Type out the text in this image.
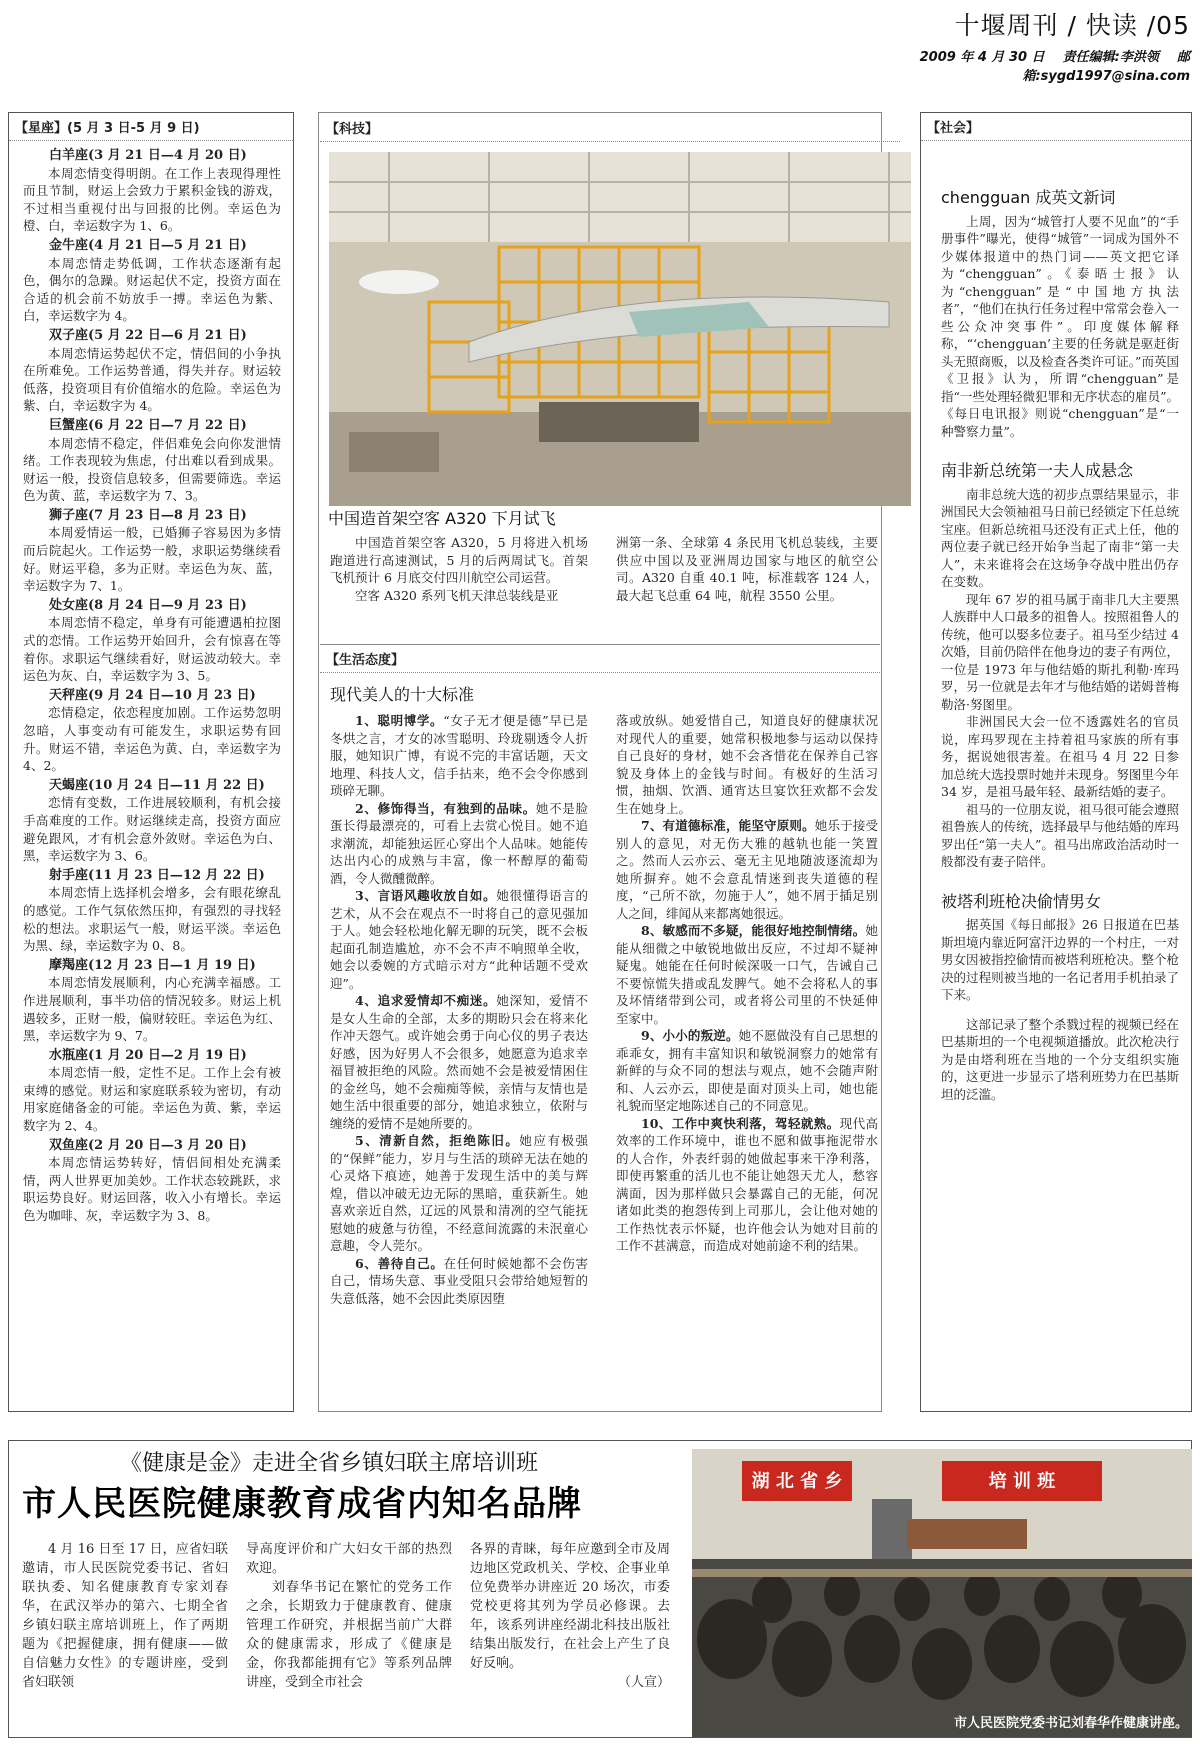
十堰周刊 / 快读 /05
2009 年 4 月 30 日 责任编辑:李洪领 邮箱:sygd1997@sina.com
【星座】(5 月 3 日-5 月 9 日)
白羊座(3 月 21 日—4 月 20 日)

本周恋情变得明朗。在工作上表现得理性而且节制，财运上会致力于累积金钱的游戏，不过相当重视付出与回报的比例。幸运色为橙、白，幸运数字为 1、6。

金牛座(4 月 21 日—5 月 21 日)

本周恋情走势低调，工作状态逐渐有起色，偶尔的急躁。财运起伏不定，投资方面在合适的机会前不妨放手一搏。幸运色为紫、白，幸运数字为 4。

双子座(5 月 22 日—6 月 21 日)

本周恋情运势起伏不定，情侣间的小争执在所难免。工作运势普通，得失并存。财运较低落，投资项目有价值缩水的危险。幸运色为紫、白，幸运数字为 4。

巨蟹座(6 月 22 日—7 月 22 日)

本周恋情不稳定，伴侣难免会向你发泄情绪。工作表现较为焦虑，付出难以看到成果。财运一般，投资信息较多，但需要筛选。幸运色为黄、蓝，幸运数字为 7、3。

狮子座(7 月 23 日—8 月 23 日)

本周爱情运一般，已婚狮子容易因为多情而后院起火。工作运势一般，求职运势继续看好。财运平稳，多为正财。幸运色为灰、蓝，幸运数字为 7、1。

处女座(8 月 24 日—9 月 23 日)

本周恋情不稳定，单身有可能遭遇柏拉图式的恋情。工作运势开始回升，会有惊喜在等着你。求职运气继续看好，财运波动较大。幸运色为灰、白，幸运数字为 3、5。

天秤座(9 月 24 日—10 月 23 日)

恋情稳定，依恋程度加剧。工作运势忽明忽暗，人事变动有可能发生，求职运势有回升。财运不错，幸运色为黄、白，幸运数字为 4、2。

天蝎座(10 月 24 日—11 月 22 日)

恋情有变数，工作进展较顺利，有机会接手高难度的工作。财运继续走高，投资方面应避免跟风，才有机会意外敛财。幸运色为白、黑，幸运数字为 3、6。

射手座(11 月 23 日—12 月 22 日)

本周恋情上选择机会增多，会有眼花缭乱的感觉。工作气氛依然压抑，有强烈的寻找轻松的想法。求职运气一般，财运平淡。幸运色为黑、绿，幸运数字为 0、8。

摩羯座(12 月 23 日—1 月 19 日)

本周恋情发展顺利，内心充满幸福感。工作进展顺利，事半功倍的情况较多。财运上机遇较多，正财一般，偏财较旺。幸运色为红、黑，幸运数字为 9、7。

水瓶座(1 月 20 日—2 月 19 日)

本周恋情一般，定性不足。工作上会有被束缚的感觉。财运和家庭联系较为密切，有动用家庭储备金的可能。幸运色为黄、紫，幸运数字为 2、4。

双鱼座(2 月 20 日—3 月 20 日)

本周恋情运势转好，情侣间相处充满柔情，两人世界更加美妙。工作状态较跳跃，求职运势良好。财运回落，收入小有增长。幸运色为咖啡、灰，幸运数字为 3、8。

【科技】
中国造首架空客 A320 下月试飞

中国造首架空客 A320，5 月将进入机场跑道进行高速测试，5 月的后两周试飞。首架飞机预计 6 月底交付四川航空公司运营。

空客 A320 系列飞机天津总装线是亚

洲第一条、全球第 4 条民用飞机总装线，主要供应中国以及亚洲周边国家与地区的航空公司。A320 自重 40.1 吨，标准载客 124 人，最大起飞总重 64 吨，航程 3550 公里。

【生活态度】
现代美人的十大标准

1、聪明博学。“女子无才便是德”早已是冬烘之言，才女的冰雪聪明、玲珑剔透令人折服，她知识广博，有说不完的丰富话题，天文地理、科技人文，信手拈来，绝不会令你感到琐碎无聊。

2、修饰得当，有独到的品味。她不是脸蛋长得最漂亮的，可看上去赏心悦目。她不追求潮流，却能独运匠心穿出个人品味。她能传达出内心的成熟与丰富，像一杯醇厚的葡萄酒，令人微醺微醉。

3、言语风趣收放自如。她很懂得语言的艺术，从不会在观点不一时将自己的意见强加于人。她会轻松地化解无聊的玩笑，既不会板起面孔制造尴尬，亦不会不声不响照单全收，她会以委婉的方式暗示对方“此种话题不受欢迎”。

4、追求爱情却不痴迷。她深知，爱情不是女人生命的全部，太多的期盼只会在将来化作冲天怨气。或许她会勇于向心仪的男子表达好感，因为好男人不会很多，她愿意为追求幸福冒被拒绝的风险。然而她不会是被爱情困住的金丝鸟，她不会痴痴等候，亲情与友情也是她生活中很重要的部分，她追求独立，依附与缠绕的爱情不是她所要的。

5、清新自然，拒绝陈旧。她应有极强的“保鲜”能力，岁月与生活的琐碎无法在她的心灵烙下痕迹，她善于发现生活中的美与辉煌，借以冲破无边无际的黑暗，重获新生。她喜欢亲近自然，辽远的风景和清冽的空气能抚慰她的疲惫与彷徨，不经意间流露的未泯童心意趣，令人莞尔。

6、善待自己。在任何时候她都不会伤害自己，情场失意、事业受阻只会带给她短暂的失意低落，她不会因此类原因堕

落或放纵。她爱惜自己，知道良好的健康状况对现代人的重要，她常积极地参与运动以保持自己良好的身材，她不会吝惜花在保养自己容貌及身体上的金钱与时间。有极好的生活习惯，抽烟、饮酒、通宵达旦宴饮狂欢都不会发生在她身上。

7、有道德标准，能坚守原则。她乐于接受别人的意见，对无伤大雅的越轨也能一笑置之。然而人云亦云、毫无主见地随波逐流却为她所摒弃。她不会意乱情迷到丧失道德的程度，“己所不欲，勿施于人”，她不屑于插足别人之间，绯闻从来都离她很远。

8、敏感而不多疑，能很好地控制情绪。她能从细微之中敏锐地做出反应，不过却不疑神疑鬼。她能在任何时候深吸一口气，告诫自己不要惊慌失措或乱发脾气。她不会将私人的事及坏情绪带到公司，或者将公司里的不快延伸至家中。

9、小小的叛逆。她不愿做没有自己思想的乖乖女，拥有丰富知识和敏锐洞察力的她常有新鲜的与众不同的想法与观点，她不会随声附和、人云亦云，即使是面对顶头上司，她也能礼貌而坚定地陈述自己的不同意见。

10、工作中爽快利落，驾轻就熟。现代高效率的工作环境中，谁也不愿和做事拖泥带水的人合作，外表纤弱的她做起事来干净利落，即使再繁重的活儿也不能让她怨天尤人，愁容满面，因为那样做只会暴露自己的无能，何况诸如此类的抱怨传到上司那儿，会让他对她的工作热忱表示怀疑，也许他会认为她对目前的工作不甚满意，而造成对她前途不利的结果。

【社会】
chengguan 成英文新词

上周，因为“城管打人要不见血”的“手册事件”曝光，使得“城管”一词成为国外不少媒体报道中的热门词——英文把它译为“chengguan”。《泰晤士报》认为“chengguan”是“中国地方执法者”，“他们在执行任务过程中常常会卷入一些公众冲突事件”。印度媒体解释称，“‘chengguan’主要的任务就是驱赶街头无照商贩，以及检查各类许可证。”而英国《卫报》认为，所谓“chengguan”是指“一些处理轻微犯罪和无序状态的雇员”。《每日电讯报》则说“chengguan”是“一种警察力量”。

南非新总统第一夫人成悬念

南非总统大选的初步点票结果显示，非洲国民大会领袖祖马日前已经锁定下任总统宝座。但新总统祖马还没有正式上任，他的两位妻子就已经开始争当起了南非“第一夫人”，未来谁将会在这场争夺战中胜出仍存在变数。

现年 67 岁的祖马属于南非几大主要黑人族群中人口最多的祖鲁人。按照祖鲁人的传统，他可以娶多位妻子。祖马至少结过 4 次婚，目前仍陪伴在他身边的妻子有两位，一位是 1973 年与他结婚的斯扎利勒·库玛罗，另一位就是去年才与他结婚的诺姆普梅勒洛·努图里。

非洲国民大会一位不透露姓名的官员说，库玛罗现在主持着祖马家族的所有事务，据说她很害羞。在祖马 4 月 22 日参加总统大选投票时她并未现身。努图里今年 34 岁，是祖马最年轻、最新结婚的妻子。

祖马的一位朋友说，祖马很可能会遵照祖鲁族人的传统，选择最早与他结婚的库玛罗出任“第一夫人”。祖马出席政治活动时一般都没有妻子陪伴。

被塔利班枪决偷情男女

据英国《每日邮报》26 日报道在巴基斯坦境内靠近阿富汗边界的一个村庄，一对男女因被指控偷情而被塔利班枪决。整个枪决的过程则被当地的一名记者用手机拍录了下来。

这部记录了整个杀戮过程的视频已经在巴基斯坦的一个电视频道播放。此次枪决行为是由塔利班在当地的一个分支组织实施的，这更进一步显示了塔利班势力在巴基斯坦的泛滥。

《健康是金》走进全省乡镇妇联主席培训班
市人民医院健康教育成省内知名品牌

4 月 16 日至 17 日，应省妇联邀请，市人民医院党委书记、省妇联执委、知名健康教育专家刘春华，在武汉举办的第六、七期全省乡镇妇联主席培训班上，作了两期题为《把握健康，拥有健康——做自信魅力女性》的专题讲座，受到省妇联领

导高度评价和广大妇女干部的热烈欢迎。

刘春华书记在繁忙的党务工作之余，长期致力于健康教育、健康管理工作研究，并根据当前广大群众的健康需求，形成了《健康是金，你我都能拥有它》等系列品牌讲座，受到全市社会

各界的青睐，每年应邀到全市及周边地区党政机关、学校、企事业单位免费举办讲座近 20 场次，市委党校更将其列为学员必修课。去年，该系列讲座经湖北科技出版社结集出版发行，在社会上产生了良好反响。

（人宣）

湖 北 省 乡	培 训 班
市人民医院党委书记刘春华作健康讲座。
